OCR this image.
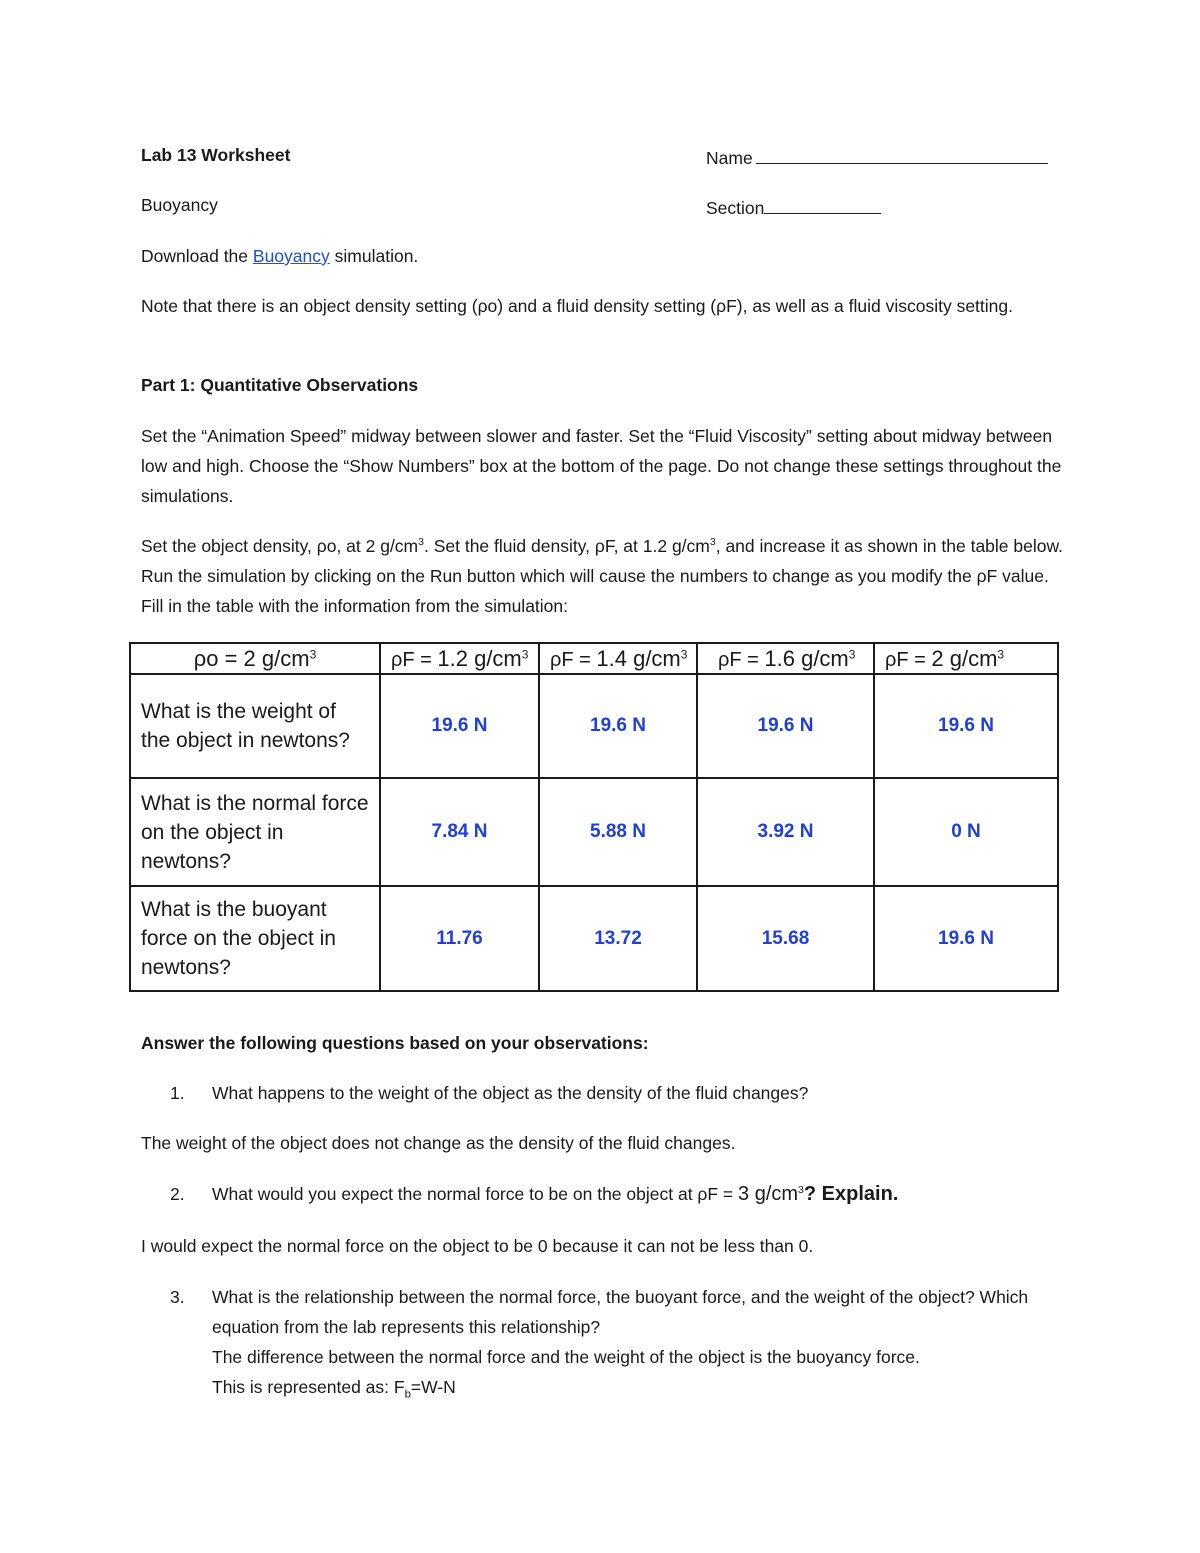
Lab 13 Worksheet	Name
Buoyancy	Section
Download the Buoyancy simulation.
Note that there is an object density setting (ρo) and a fluid density setting (ρF), as well as a fluid viscosity setting.
Part 1: Quantitative Observations
Set the “Animation Speed” midway between slower and faster. Set the “Fluid Viscosity” setting about midway between low and high. Choose the “Show Numbers” box at the bottom of the page. Do not change these settings throughout the simulations.
Set the object density, ρo, at 2 $g/cm^3$. Set the fluid density, ρF, at 1.2 $g/cm^3$, and increase it as shown in the table below. Run the simulation by clicking on the Run button which will cause the numbers to change as you modify the ρF value. Fill in the table with the information from the simulation:
ρo = 2 $g/cm^3$	ρF = 1.2 $g/cm^3$	ρF = 1.4 $g/cm^3$	ρF = 1.6 $g/cm^3$	ρF = 2 $g/cm^3$

What is the weight of the object in newtons?	19.6 N	19.6 N	19.6 N	19.6 N
What is the normal force on the object in newtons?	7.84 N	5.88 N	3.92 N	0 N
What is the buoyant force on the object in newtons?	11.76	13.72	15.68	19.6 N
Answer the following questions based on your observations:
1. What happens to the weight of the object as the density of the fluid changes?
The weight of the object does not change as the density of the fluid changes.
2. What would you expect the normal force to be on the object at ρF = 3 $g/cm^3$? Explain.
I would expect the normal force on the object to be 0 because it can not be less than 0.
3. What is the relationship between the normal force, the buoyant force, and the weight of the object? Which equation from the lab represents this relationship?
The difference between the normal force and the weight of the object is the buoyancy force.
This is represented as: $F_b=W-N$
